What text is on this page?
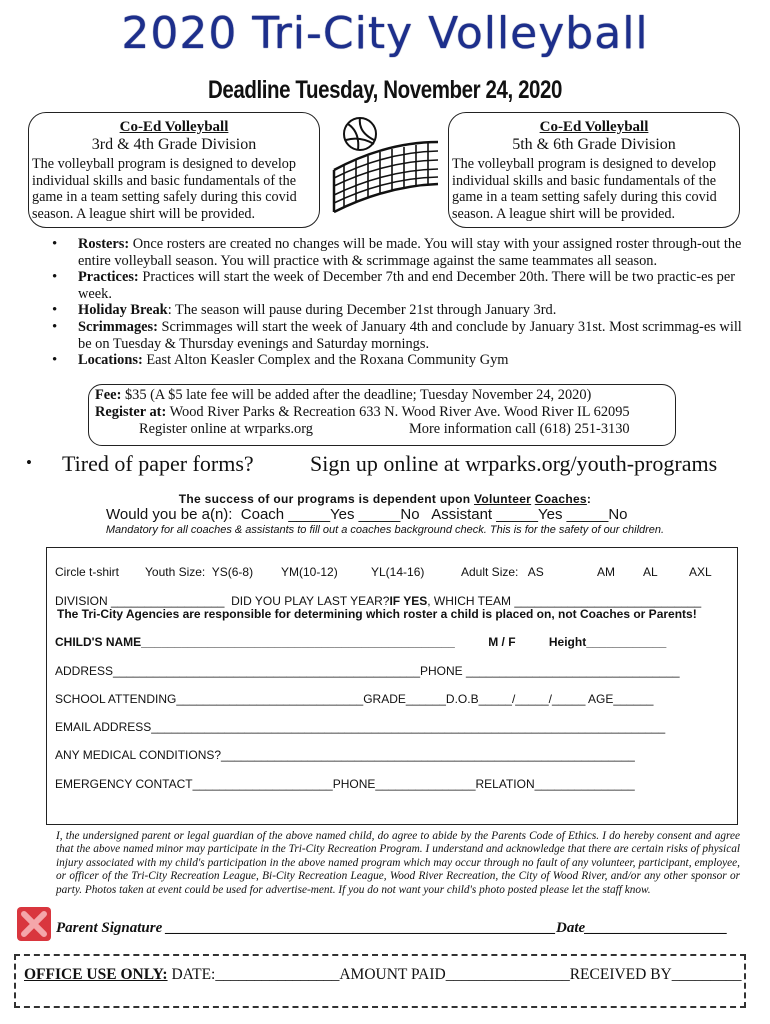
2020 Tri-City Volleyball
Deadline Tuesday, November 24, 2020
Co-Ed Volleyball
3rd & 4th Grade Division
The volleyball program is designed to develop individual skills and basic fundamentals of the game in a team setting safely during this covid season. A league shirt will be provided.
Co-Ed Volleyball
5th & 6th Grade Division
The volleyball program is designed to develop individual skills and basic fundamentals of the game in a team setting safely during this covid season. A league shirt will be provided.
• Rosters: Once rosters are created no changes will be made. You will stay with your assigned roster through-out the entire volleyball season. You will practice with & scrimmage against the same teammates all season.
• Practices: Practices will start the week of December 7th and end December 20th. There will be two practic-es per week.
• Holiday Break: The season will pause during December 21st through January 3rd.
• Scrimmages: Scrimmages will start the week of January 4th and conclude by January 31st. Most scrimmag-es will be on Tuesday & Thursday evenings and Saturday mornings.
• Locations: East Alton Keasler Complex and the Roxana Community Gym
Fee: $35 (A $5 late fee will be added after the deadline; Tuesday November 24, 2020)
Register at: Wood River Parks & Recreation 633 N. Wood River Ave. Wood River IL 62095
Register online at wrparks.org	More information call (618) 251-3130
• Tired of paper forms?	Sign up online at wrparks.org/youth-programs
The success of our programs is dependent upon Volunteer Coaches:
Would you be a(n):  Coach _____Yes _____No   Assistant _____Yes _____No
Mandatory for all coaches & assistants to fill out a coaches background check. This is for the safety of our children.
Circle t-shirt Youth Size:  YS(6-8) YM(10-12)	YL(14-16)	Adult Size:   AS	AM AL	AXL
DIVISION _________________  DID YOU PLAY LAST YEAR?IF YES, WHICH TEAM ____________________________
The Tri-City Agencies are responsible for determining which roster a child is placed on, not Coaches or Parents!
CHILD'S NAME_______________________________________________          M / F          Height____________
ADDRESS______________________________________________PHONE ________________________________
SCHOOL ATTENDING____________________________GRADE______D.O.B_____/_____/_____ AGE______
EMAIL ADDRESS_____________________________________________________________________________
ANY MEDICAL CONDITIONS?______________________________________________________________
EMERGENCY CONTACT_____________________PHONE_______________RELATION_______________
I, the undersigned parent or legal guardian of the above named child, do agree to abide by the Parents Code of Ethics. I do hereby consent and agree that the above named minor may participate in the Tri-City Recreation Program. I understand and acknowledge that there are certain risks of physical injury associated with my child's participation in the above named program which may occur through no fault of any volunteer, participant, employee, or officer of the Tri-City Recreation League, Bi-City Recreation League, Wood River Recreation, the City of Wood River, and/or any other sponsor or party. Photos taken at event could be used for advertise-ment. If you do not want your child's photo posted please let the staff know.
Parent Signature ____________________________________________________Date___________________
OFFICE USE ONLY: DATE:________________AMOUNT PAID________________RECEIVED BY_________
